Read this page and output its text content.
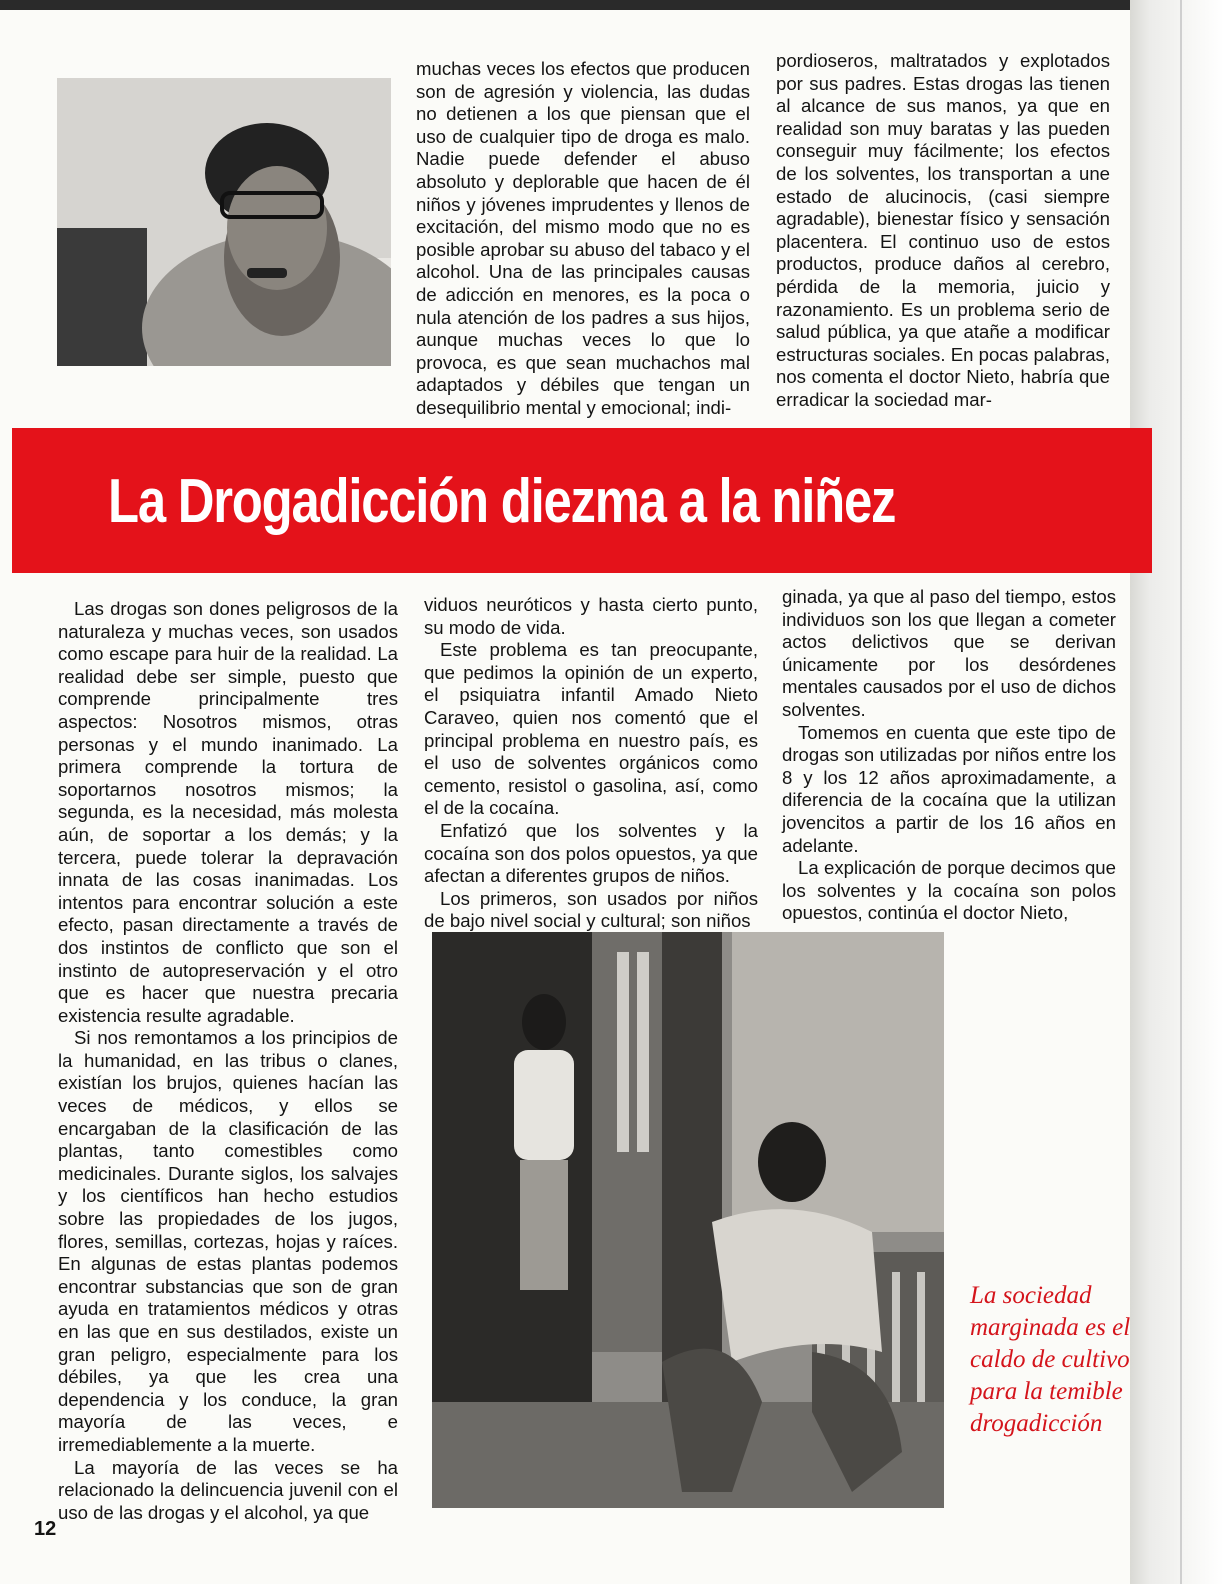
muchas veces los efectos que producen son de agresión y violencia, las dudas no detienen a los que piensan que el uso de cualquier tipo de droga es malo. Nadie puede defender el abuso absoluto y deplorable que hacen de él niños y jóvenes imprudentes y llenos de excitación, del mismo modo que no es posible aprobar su abuso del tabaco y el alcohol. Una de las principales causas de adicción en menores, es la poca o nula atención de los padres a sus hijos, aunque muchas veces lo que lo provoca, es que sean muchachos mal adaptados y débiles que tengan un desequilibrio mental y emocional; indi-

pordioseros, maltratados y explotados por sus padres. Estas drogas las tienen al alcance de sus manos, ya que en realidad son muy baratas y las pueden conseguir muy fácilmente; los efectos de los solventes, los transportan a une estado de alucinocis, (casi siempre agradable), bienestar físico y sensación placentera. El continuo uso de estos productos, produce daños al cerebro, pérdida de la memoria, juicio y razonamiento. Es un problema serio de salud pública, ya que atañe a modificar estructuras sociales. En pocas palabras, nos comenta el doctor Nieto, habría que erradicar la sociedad mar-

La Drogadicción diezma a la niñez

Las drogas son dones peligrosos de la naturaleza y muchas veces, son usados como escape para huir de la realidad. La realidad debe ser simple, puesto que comprende principalmente tres aspectos: Nosotros mismos, otras personas y el mundo inanimado. La primera comprende la tortura de soportarnos nosotros mismos; la segunda, es la necesidad, más molesta aún, de soportar a los demás; y la tercera, puede tolerar la depravación innata de las cosas inanimadas. Los intentos para encontrar solución a este efecto, pasan directamente a través de dos instintos de conflicto que son el instinto de autopreservación y el otro que es hacer que nuestra precaria existencia resulte agradable.

Si nos remontamos a los principios de la humanidad, en las tribus o clanes, existían los brujos, quienes hacían las veces de médicos, y ellos se encargaban de la clasificación de las plantas, tanto comestibles como medicinales. Durante siglos, los salvajes y los científicos han hecho estudios sobre las propiedades de los jugos, flores, semillas, cortezas, hojas y raíces. En algunas de estas plantas podemos encontrar substancias que son de gran ayuda en tratamientos médicos y otras en las que en sus destilados, existe un gran peligro, especialmente para los débiles, ya que les crea una dependencia y los conduce, la gran mayoría de las veces, e irremediablemente a la muerte.

La mayoría de las veces se ha relacionado la delincuencia juvenil con el uso de las drogas y el alcohol, ya que

viduos neuróticos y hasta cierto punto, su modo de vida.

Este problema es tan preocupante, que pedimos la opinión de un experto, el psiquiatra infantil Amado Nieto Caraveo, quien nos comentó que el principal problema en nuestro país, es el uso de solventes orgánicos como cemento, resistol o gasolina, así, como el de la cocaína.

Enfatizó que los solventes y la cocaína son dos polos opuestos, ya que afectan a diferentes grupos de niños.

Los primeros, son usados por niños de bajo nivel social y cultural; son niños

ginada, ya que al paso del tiempo, estos individuos son los que llegan a cometer actos delictivos que se derivan únicamente por los desórdenes mentales causados por el uso de dichos solventes.

Tomemos en cuenta que este tipo de drogas son utilizadas por niños entre los 8 y los 12 años aproximadamente, a diferencia de la cocaína que la utilizan jovencitos a partir de los 16 años en adelante.

La explicación de porque decimos que los solventes y la cocaína son polos opuestos, continúa el doctor Nieto,

La sociedad marginada es el caldo de cultivo para la temible drogadicción
12
